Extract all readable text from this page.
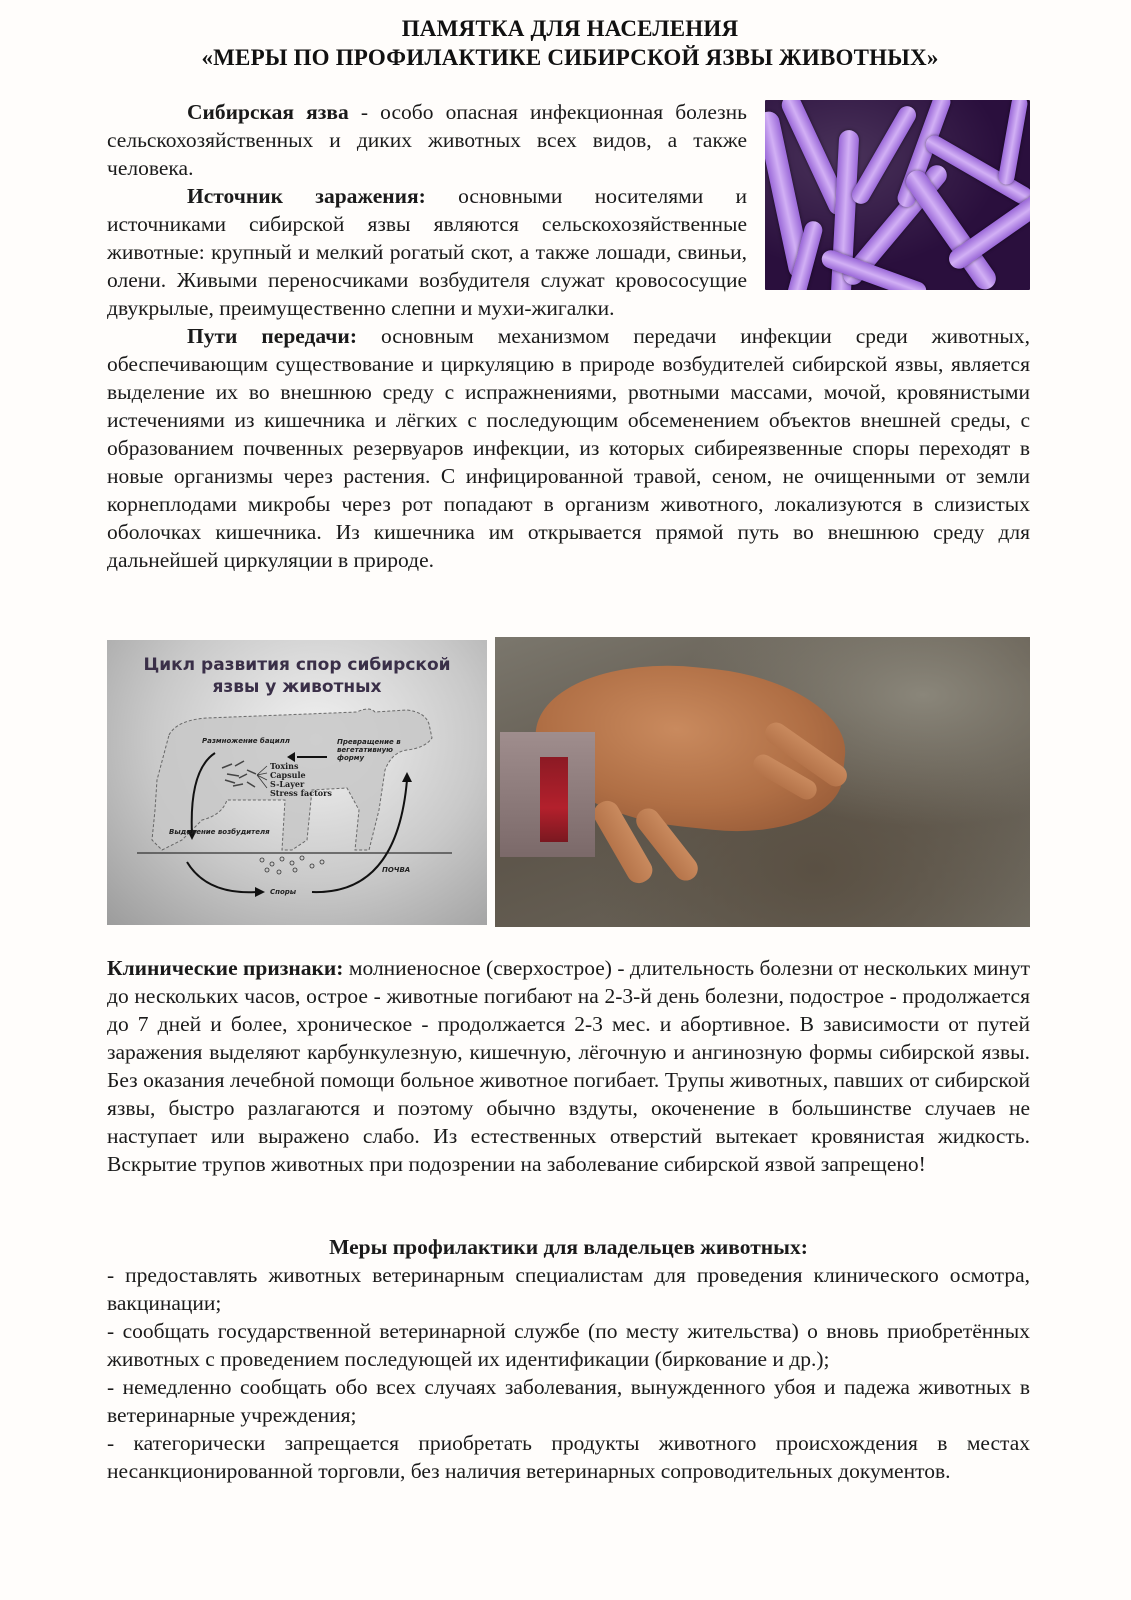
ПАМЯТКА ДЛЯ НАСЕЛЕНИЯ
«МЕРЫ ПО ПРОФИЛАКТИКЕ СИБИРСКОЙ ЯЗВЫ ЖИВОТНЫХ»

Сибирская язва - особо опасная инфекционная болезнь сельскохозяйственных и диких животных всех видов, а также человека.

Источник заражения: основными носителями и источниками сибирской язвы являются сельскохозяйственные животные: крупный и мелкий рогатый скот, а также лошади, свиньи, олени. Живыми переносчиками возбудителя служат кровососущие двукрылые, преимущественно слепни и мухи-жигалки.

Пути передачи: основным механизмом передачи инфекции среди животных, обеспечивающим существование и циркуляцию в природе возбудителей сибирской язвы, является выделение их во внешнюю среду с испражнениями, рвотными массами, мочой, кровянистыми истечениями из кишечника и лёгких с последующим обсеменением объектов внешней среды, с образованием почвенных резервуаров инфекции, из которых сибиреязвенные споры переходят в новые организмы через растения. С инфицированной травой, сеном, не очищенными от земли корнеплодами микробы через рот попадают в организм животного, локализуются в слизистых оболочках кишечника. Из кишечника им открывается прямой путь во внешнюю среду для дальнейшей циркуляции в природе.

Цикл развития спор сибирской
язвы у животных
Размножение бацилл	Превращение в вегетативную форму
Toxins
Capsule
S-Layer
Stress factors
Выделение возбудителя
Споры
ПОЧВА

Клинические признаки: молниеносное (сверхострое) - длительность болезни от нескольких минут до нескольких часов, острое - животные погибают на 2-3-й день болезни, подострое - продолжается до 7 дней и более, хроническое - продолжается 2-3 мес. и абортивное. В зависимости от путей заражения выделяют карбункулезную, кишечную, лёгочную и ангинозную формы сибирской язвы. Без оказания лечебной помощи больное животное погибает. Трупы животных, павших от сибирской язвы, быстро разлагаются и поэтому обычно вздуты, окоченение в большинстве случаев не наступает или выражено слабо. Из естественных отверстий вытекает кровянистая жидкость. Вскрытие трупов животных при подозрении на заболевание сибирской язвой запрещено!

Меры профилактики для владельцев животных:

- предоставлять животных ветеринарным специалистам для проведения клинического осмотра, вакцинации;

- сообщать государственной ветеринарной службе (по месту жительства) о вновь приобретённых животных с проведением последующей их идентификации (биркование и др.);

- немедленно сообщать обо всех случаях заболевания, вынужденного убоя и падежа животных в ветеринарные учреждения;

- категорически запрещается приобретать продукты животного происхождения в местах несанкционированной торговли, без наличия ветеринарных сопроводительных документов.
